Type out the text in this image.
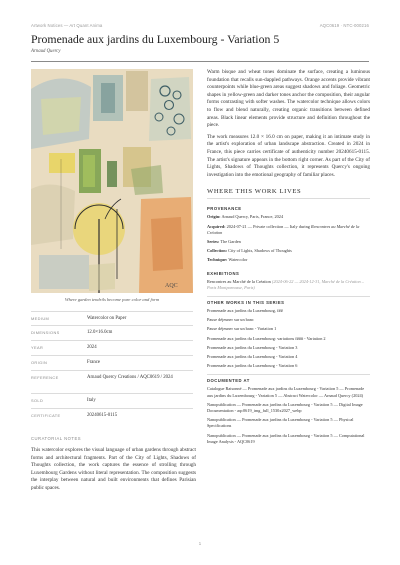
Artwork Notices — Art Quant Anima	AQC0619 · NTC-000216
Promenade aux jardins du Luxembourg - Variation 5
Arnaud Quercy
AQC
Where garden tendrils become pure color and form
MEDIUM	Watercolor on Paper
DIMENSIONS	12.0×16.0cm
YEAR	2024
ORIGIN	France
REFERENCE	Arnaud Quercy Creations / AQC0619 / 2024
SOLD	Italy
CERTIFICATE	20240615-0115
CURATORIAL NOTES
This watercolor explores the visual language of urban gardens through abstract forms and architectural fragments. Part of the City of Lights, Shadows of Thoughts collection, the work captures the essence of strolling through Luxembourg Gardens without literal representation. The composition suggests the interplay between natural and built environments that defines Parisian public spaces.

Warm bisque and wheat tones dominate the surface, creating a luminous foundation that recalls sun-dappled pathways. Orange accents provide vibrant counterpoints while blue-green areas suggest shadows and foliage. Geometric shapes in yellow-green and darker tones anchor the composition, their angular forms contrasting with softer washes. The watercolor technique allows colors to flow and blend naturally, creating organic transitions between defined areas. Black linear elements provide structure and definition throughout the piece.

The work measures 12.0 × 16.0 cm on paper, making it an intimate study in the artist's exploration of urban landscape abstraction. Created in 2024 in France, this piece carries certificate of authenticity number 20240615-0115. The artist's signature appears in the bottom right corner. As part of the City of Lights, Shadows of Thoughts collection, it represents Quercy's ongoing investigation into the emotional geography of familiar places.

WHERE THIS WORK LIVES
PROVENANCE
Origin: Arnaud Quercy, Paris, France, 2024
Acquired: 2024-07-21 — Private collection — Italy during Rencontres au Marché de la Création
Series: The Garden
Collection: City of Lights, Shadows of Thoughts
Technique: Watercolor
EXHIBITIONS
Rencontres au Marché de la Création (2024-06-22 — 2024-12-31, Marché de la Création – Paris Montparnasse, Paris)
OTHER WORKS IN THIS SERIES
Promenade aux jardins du Luxembourg, f##
Pause déjeuner sur un banc
Pause déjeuner sur un banc - Variation 1
Promenade aux jardins du Luxembourg: variations f### - Variation 2
Promenade aux jardins du Luxembourg - Variation 3
Promenade aux jardins du Luxembourg - Variation 4
Promenade aux jardins du Luxembourg - Variation 6
DOCUMENTED AT
Catalogue Raisonné — Promenade aux jardins du Luxembourg - Variation 5 — Promenade aux jardins du Luxembourg - Variation 5 — Abstract Watercolor — Arnaud Quercy (2024)
Nanopublication — Promenade aux jardins du Luxembourg - Variation 5 — Digital Image Documentation - aqc0619_img_full_1530x2027_webp
Nanopublication — Promenade aux jardins du Luxembourg - Variation 5 — Physical Specifications
Nanopublication — Promenade aux jardins du Luxembourg - Variation 5 — Computational Image Analysis - AQC0619
1
